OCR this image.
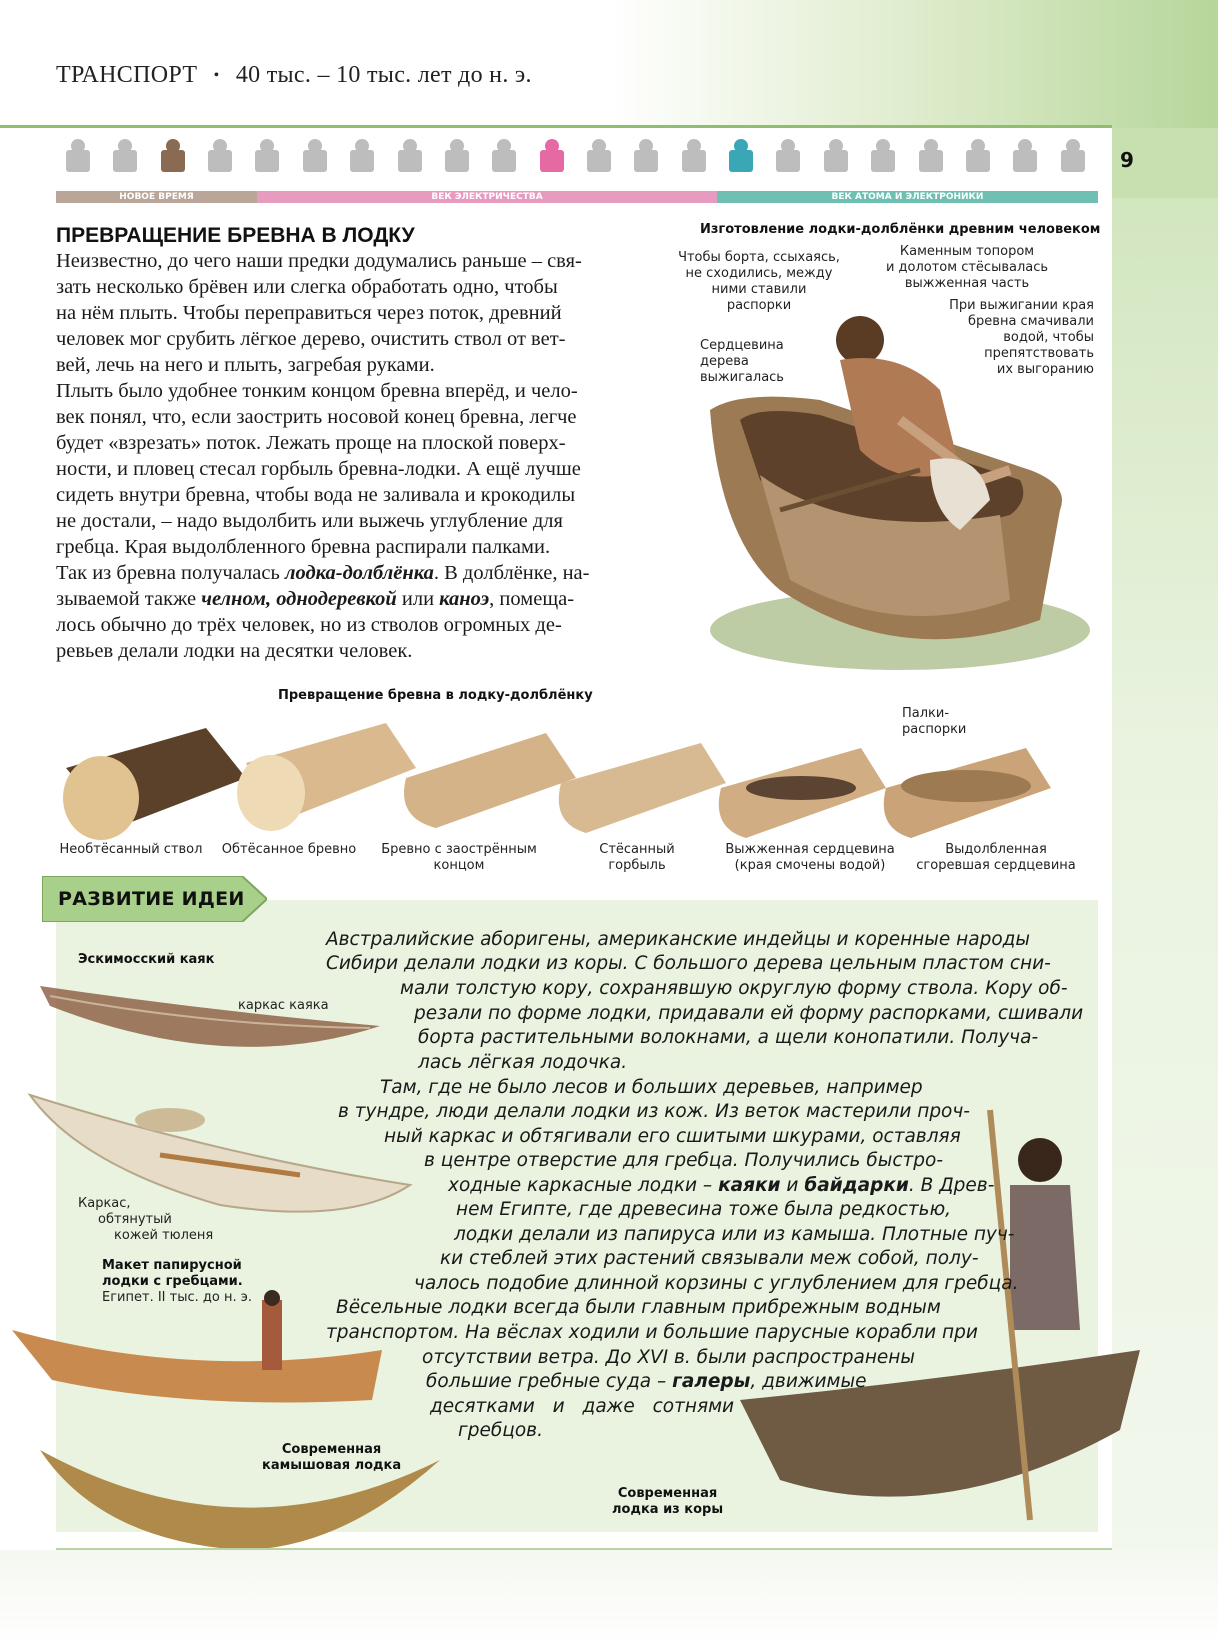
9
ТРАНСПОРТ • 40 тыс. – 10 тыс. лет до н. э.
НОВОЕ ВРЕМЯ	ВЕК ЭЛЕКТРИЧЕСТВА	ВЕК АТОМА И ЭЛЕКТРОНИКИ
ПРЕВРАЩЕНИЕ БРЕВНА В ЛОДКУ
Неизвестно, до чего наши предки додумались раньше – свя-
зать несколько брёвен или слегка обработать одно, чтобы
на нём плыть. Чтобы переправиться через поток, древний
человек мог срубить лёгкое дерево, очистить ствол от вет-
вей, лечь на него и плыть, загребая руками.
Плыть было удобнее тонким концом бревна вперёд, и чело-
век понял, что, если заострить носовой конец бревна, легче
будет «взрезать» поток. Лежать проще на плоской поверх-
ности, и пловец стесал горбыль бревна-лодки. А ещё лучше
сидеть внутри бревна, чтобы вода не заливала и крокодилы
не достали, – надо выдолбить или выжечь углубление для
гребца. Края выдолбленного бревна распирали палками.
Так из бревна получалась лодка-долблёнка. В долблёнке, на-
зываемой также челном, однодеревкой или каноэ, помеща-
лось обычно до трёх человек, но из стволов огромных де-
ревьев делали лодки на десятки человек.
Изготовление лодки-долблёнки древним человеком
Чтобы борта, ссыхаясь,
не сходились, между
ними ставили
распорки
Каменным топором
и долотом стёсывалась
выжженная часть
При выжигании края
бревна смачивали
водой, чтобы
препятствовать
их выгоранию
Сердцевина
дерева
выжигалась
Превращение бревна в лодку-долблёнку
Палки-
распорки
Необтёсанный ствол	Обтёсанное бревно	Бревно с заострённым
концом
Стёсанный
горбыль
Выжженная сердцевина
(края смочены водой)
Выдолбленная
сгоревшая сердцевина
РАЗВИТИЕ ИДЕИ
Эскимосский каяк
каркас каяка
Каркас,
обтянутый
кожей тюленя
Макет папирусной
лодки с гребцами.
Египет. II тыс. до н. э.
Современная
камышовая лодка
Современная
лодка из коры
Австралийские аборигены, американские индейцы и коренные народы
Сибири делали лодки из коры. С большого дерева цельным пластом сни-
мали толстую кору, сохранявшую округлую форму ствола. Кору об-
резали по форме лодки, придавали ей форму распорками, сшивали
борта растительными волокнами, а щели конопатили. Получа-
лась лёгкая лодочка.
Там, где не было лесов и больших деревьев, например
в тундре, люди делали лодки из кож. Из веток мастерили проч-
ный каркас и обтягивали его сшитыми шкурами, оставляя
в центре отверстие для гребца. Получились быстро-
ходные каркасные лодки – каяки и байдарки. В Древ-
нем Египте, где древесина тоже была редкостью,
лодки делали из папируса или из камыша. Плотные пуч-
ки стеблей этих растений связывали меж собой, полу-
чалось подобие длинной корзины с углублением для гребца.
Вёсельные лодки всегда были главным прибрежным водным
транспортом. На вёслах ходили и большие парусные корабли при
отсутствии ветра. До XVI в. были распространены
большие гребные суда – галеры, движимые
десятками и даже сотнями
гребцов.
